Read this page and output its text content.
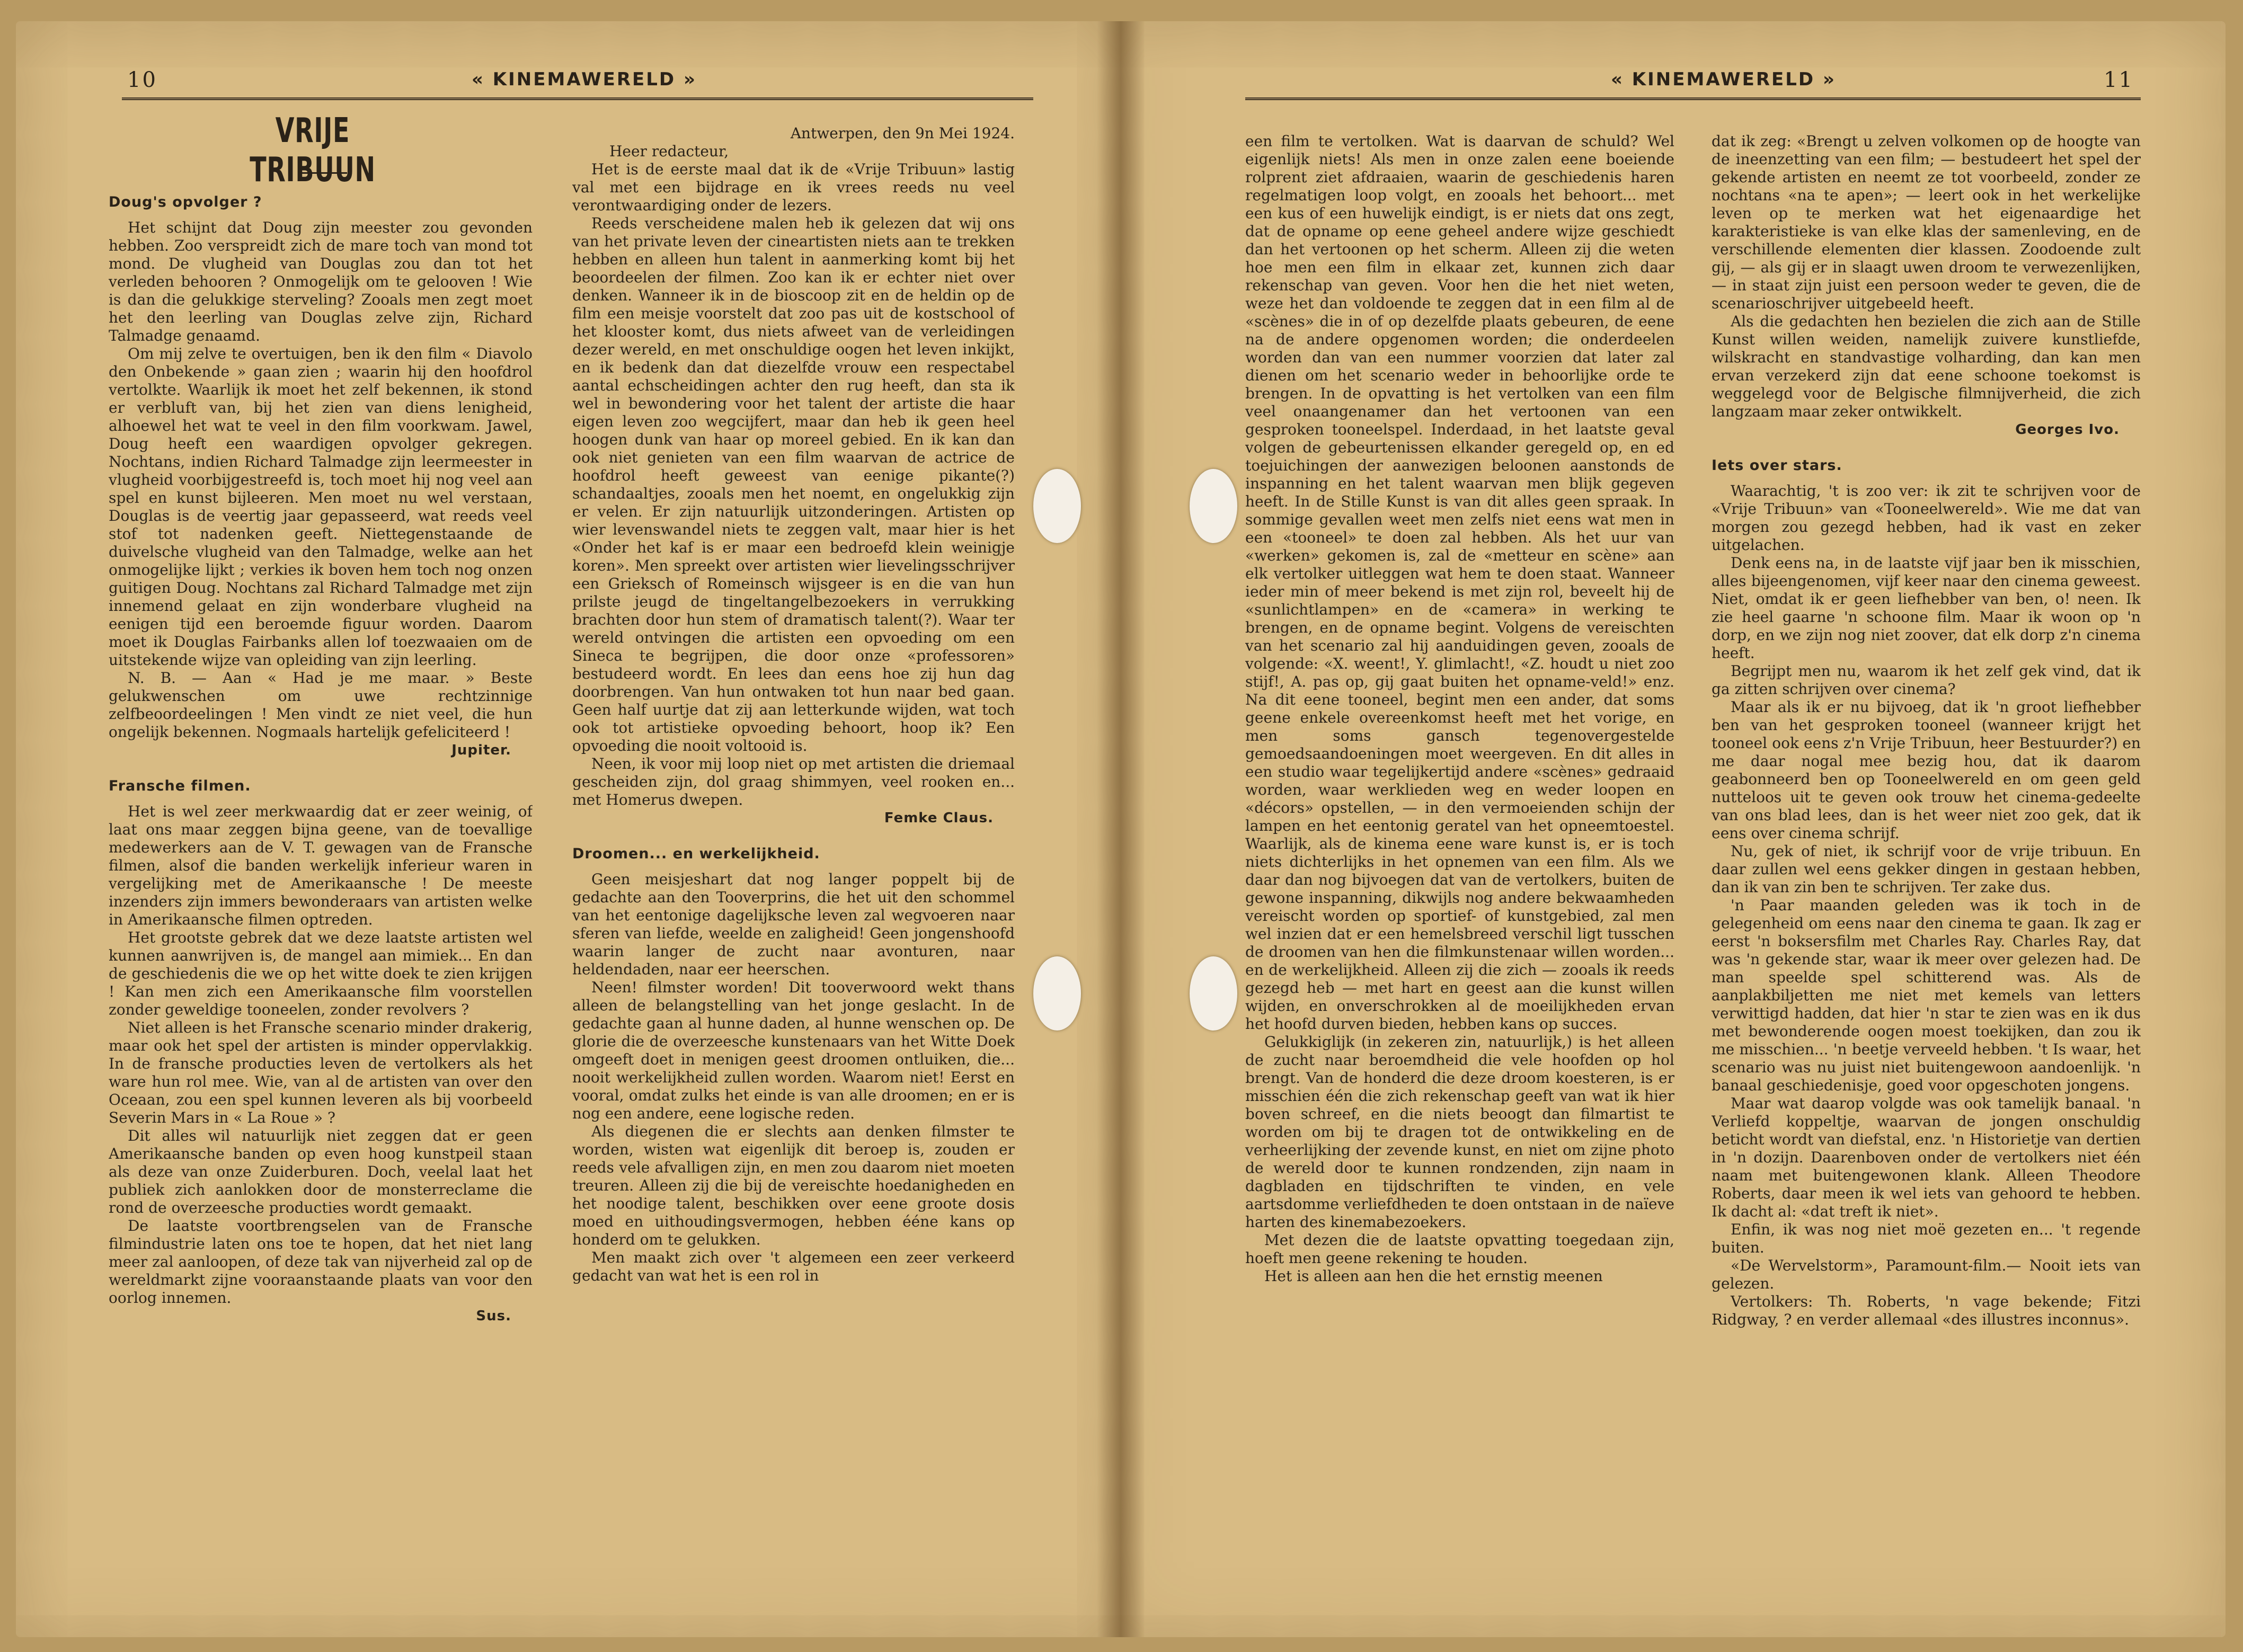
10	« KINEMAWERELD »	« KINEMAWERELD »	11
VRIJE TRIBUUN
Doug's opvolger ?

Het schijnt dat Doug zijn meester zou gevonden hebben. Zoo verspreidt zich de mare toch van mond tot mond. De vlugheid van Douglas zou dan tot het verleden behooren ? Onmogelijk om te gelooven ! Wie is dan die gelukkige sterveling? Zooals men zegt moet het den leerling van Douglas zelve zijn, Richard Talmadge genaamd.

Om mij zelve te overtuigen, ben ik den film « Diavolo den Onbekende » gaan zien ; waarin hij den hoofdrol vertolkte. Waarlijk ik moet het zelf bekennen, ik stond er verbluft van, bij het zien van diens lenigheid, alhoewel het wat te veel in den film voorkwam. Jawel, Doug heeft een waardigen opvolger gekregen. Nochtans, indien Richard Talmadge zijn leermeester in vlugheid voorbijgestreefd is, toch moet hij nog veel aan spel en kunst bijleeren. Men moet nu wel verstaan, Douglas is de veertig jaar gepasseerd, wat reeds veel stof tot nadenken geeft. Niettegenstaande de duivelsche vlugheid van den Talmadge, welke aan het onmogelijke lijkt ; verkies ik boven hem toch nog onzen guitigen Doug. Nochtans zal Richard Talmadge met zijn innemend gelaat en zijn wonderbare vlugheid na eenigen tijd een beroemde figuur worden. Daarom moet ik Douglas Fairbanks allen lof toezwaaien om de uitstekende wijze van opleiding van zijn leerling.

N. B. — Aan « Had je me maar. » Beste gelukwenschen om uwe rechtzinnige zelfbeoordeelingen ! Men vindt ze niet veel, die hun ongelijk bekennen. Nogmaals hartelijk gefeliciteerd !

Jupiter.
Fransche filmen.

Het is wel zeer merkwaardig dat er zeer weinig, of laat ons maar zeggen bijna geene, van de toevallige medewerkers aan de V. T. gewagen van de Fransche filmen, alsof die banden werkelijk inferieur waren in vergelijking met de Amerikaansche ! De meeste inzenders zijn immers bewonderaars van artisten welke in Amerikaansche filmen optreden.

Het grootste gebrek dat we deze laatste artisten wel kunnen aanwrijven is, de mangel aan mimiek... En dan de geschiedenis die we op het witte doek te zien krijgen ! Kan men zich een Amerikaansche film voorstellen zonder geweldige tooneelen, zonder revolvers ?

Niet alleen is het Fransche scenario minder drakerig, maar ook het spel der artisten is minder oppervlakkig. In de fransche producties leven de vertolkers als het ware hun rol mee. Wie, van al de artisten van over den Oceaan, zou een spel kunnen leveren als bij voorbeeld Severin Mars in « La Roue » ?

Dit alles wil natuurlijk niet zeggen dat er geen Amerikaansche banden op even hoog kunstpeil staan als deze van onze Zuiderburen. Doch, veelal laat het publiek zich aanlokken door de monsterreclame die rond de overzeesche producties wordt gemaakt.

De laatste voortbrengselen van de Fransche filmindustrie laten ons toe te hopen, dat het niet lang meer zal aanloopen, of deze tak van nijverheid zal op de wereldmarkt zijne vooraanstaande plaats van voor den oorlog innemen.

Sus.

Antwerpen, den 9n Mei 1924.

Heer redacteur,

Het is de eerste maal dat ik de «Vrije Tribuun» lastig val met een bijdrage en ik vrees reeds nu veel verontwaardiging onder de lezers.

Reeds verscheidene malen heb ik gelezen dat wij ons van het private leven der cineartisten niets aan te trekken hebben en alleen hun talent in aanmerking komt bij het beoordeelen der filmen. Zoo kan ik er echter niet over denken. Wanneer ik in de bioscoop zit en de heldin op de film een meisje voorstelt dat zoo pas uit de kostschool of het klooster komt, dus niets afweet van de verleidingen dezer wereld, en met onschuldige oogen het leven inkijkt, en ik bedenk dan dat diezelfde vrouw een respectabel aantal echscheidingen achter den rug heeft, dan sta ik wel in bewondering voor het talent der artiste die haar eigen leven zoo wegcijfert, maar dan heb ik geen heel hoogen dunk van haar op moreel gebied. En ik kan dan ook niet genieten van een film waarvan de actrice de hoofdrol heeft geweest van eenige pikante(?) schandaaltjes, zooals men het noemt, en ongelukkig zijn er velen. Er zijn natuurlijk uitzonderingen. Artisten op wier levenswandel niets te zeggen valt, maar hier is het «Onder het kaf is er maar een bedroefd klein weinigje koren». Men spreekt over artisten wier lievelingsschrijver een Grieksch of Romeinsch wijsgeer is en die van hun prilste jeugd de tingeltangelbezoekers in verrukking brachten door hun stem of dramatisch talent(?). Waar ter wereld ontvingen die artisten een opvoeding om een Sineca te begrijpen, die door onze «professoren» bestudeerd wordt. En lees dan eens hoe zij hun dag doorbrengen. Van hun ontwaken tot hun naar bed gaan. Geen half uurtje dat zij aan letterkunde wijden, wat toch ook tot artistieke opvoeding behoort, hoop ik? Een opvoeding die nooit voltooid is.

Neen, ik voor mij loop niet op met artisten die driemaal gescheiden zijn, dol graag shimmyen, veel rooken en... met Homerus dwepen.

Femke Claus.
Droomen... en werkelijkheid.

Geen meisjeshart dat nog langer poppelt bij de gedachte aan den Tooverprins, die het uit den schommel van het eentonige dagelijksche leven zal wegvoeren naar sferen van liefde, weelde en zaligheid! Geen jongenshoofd waarin langer de zucht naar avonturen, naar heldendaden, naar eer heerschen.

Neen! filmster worden! Dit tooverwoord wekt thans alleen de belangstelling van het jonge geslacht. In de gedachte gaan al hunne daden, al hunne wenschen op. De glorie die de overzeesche kunstenaars van het Witte Doek omgeeft doet in menigen geest droomen ontluiken, die... nooit werkelijkheid zullen worden. Waarom niet! Eerst en vooral, omdat zulks het einde is van alle droomen; en er is nog een andere, eene logische reden.

Als diegenen die er slechts aan denken filmster te worden, wisten wat eigenlijk dit beroep is, zouden er reeds vele afvalligen zijn, en men zou daarom niet moeten treuren. Alleen zij die bij de vereischte hoedanigheden en het noodige talent, beschikken over eene groote dosis moed en uithoudingsvermogen, hebben ééne kans op honderd om te gelukken.

Men maakt zich over 't algemeen een zeer verkeerd gedacht van wat het is een rol in

een film te vertolken. Wat is daarvan de schuld? Wel eigenlijk niets! Als men in onze zalen eene boeiende rolprent ziet afdraaien, waarin de geschiedenis haren regelmatigen loop volgt, en zooals het behoort... met een kus of een huwelijk eindigt, is er niets dat ons zegt, dat de opname op eene geheel andere wijze geschiedt dan het vertoonen op het scherm. Alleen zij die weten hoe men een film in elkaar zet, kunnen zich daar rekenschap van geven. Voor hen die het niet weten, weze het dan voldoende te zeggen dat in een film al de «scènes» die in of op dezelfde plaats gebeuren, de eene na de andere opgenomen worden; die onderdeelen worden dan van een nummer voorzien dat later zal dienen om het scenario weder in behoorlijke orde te brengen. In de opvatting is het vertolken van een film veel onaangenamer dan het vertoonen van een gesproken tooneelspel. Inderdaad, in het laatste geval volgen de gebeurtenissen elkander geregeld op, en ed toejuichingen der aanwezigen beloonen aanstonds de inspanning en het talent waarvan men blijk gegeven heeft. In de Stille Kunst is van dit alles geen spraak. In sommige gevallen weet men zelfs niet eens wat men in een «tooneel» te doen zal hebben. Als het uur van «werken» gekomen is, zal de «metteur en scène» aan elk vertolker uitleggen wat hem te doen staat. Wanneer ieder min of meer bekend is met zijn rol, beveelt hij de «sunlichtlampen» en de «camera» in werking te brengen, en de opname begint. Volgens de vereischten van het scenario zal hij aanduidingen geven, zooals de volgende: «X. weent!, Y. glimlacht!, «Z. houdt u niet zoo stijf!, A. pas op, gij gaat buiten het opname-veld!» enz. Na dit eene tooneel, begint men een ander, dat soms geene enkele overeenkomst heeft met het vorige, en men soms gansch tegenovergestelde gemoedsaandoeningen moet weergeven. En dit alles in een studio waar tegelijkertijd andere «scènes» gedraaid worden, waar werklieden weg en weder loopen en «décors» opstellen, — in den vermoeienden schijn der lampen en het eentonig geratel van het opneemtoestel. Waarlijk, als de kinema eene ware kunst is, er is toch niets dichterlijks in het opnemen van een film. Als we daar dan nog bijvoegen dat van de vertolkers, buiten de gewone inspanning, dikwijls nog andere bekwaamheden vereischt worden op sportief- of kunstgebied, zal men wel inzien dat er een hemelsbreed verschil ligt tusschen de droomen van hen die filmkunstenaar willen worden... en de werkelijkheid. Alleen zij die zich — zooals ik reeds gezegd heb — met hart en geest aan die kunst willen wijden, en onverschrokken al de moeilijkheden ervan het hoofd durven bieden, hebben kans op succes.

Gelukkiglijk (in zekeren zin, natuurlijk,) is het alleen de zucht naar beroemdheid die vele hoofden op hol brengt. Van de honderd die deze droom koesteren, is er misschien één die zich rekenschap geeft van wat ik hier boven schreef, en die niets beoogt dan filmartist te worden om bij te dragen tot de ontwikkeling en de verheerlijking der zevende kunst, en niet om zijne photo de wereld door te kunnen rondzenden, zijn naam in dagbladen en tijdschriften te vinden, en vele aartsdomme verliefdheden te doen ontstaan in de naïeve harten des kinemabezoekers.

Met dezen die de laatste opvatting toegedaan zijn, hoeft men geene rekening te houden.

Het is alleen aan hen die het ernstig meenen

dat ik zeg: «Brengt u zelven volkomen op de hoogte van de ineenzetting van een film; — bestudeert het spel der gekende artisten en neemt ze tot voorbeeld, zonder ze nochtans «na te apen»; — leert ook in het werkelijke leven op te merken wat het eigenaardige het karakteristieke is van elke klas der samenleving, en de verschillende elementen dier klassen. Zoodoende zult gij, — als gij er in slaagt uwen droom te verwezenlijken, — in staat zijn juist een persoon weder te geven, die de scenarioschrijver uitgebeeld heeft.

Als die gedachten hen bezielen die zich aan de Stille Kunst willen weiden, namelijk zuivere kunstliefde, wilskracht en standvastige volharding, dan kan men ervan verzekerd zijn dat eene schoone toekomst is weggelegd voor de Belgische filmnijverheid, die zich langzaam maar zeker ontwikkelt.

Georges Ivo.
Iets over stars.

Waarachtig, 't is zoo ver: ik zit te schrijven voor de «Vrije Tribuun» van «Tooneelwereld». Wie me dat van morgen zou gezegd hebben, had ik vast en zeker uitgelachen.

Denk eens na, in de laatste vijf jaar ben ik misschien, alles bijeengenomen, vijf keer naar den cinema geweest. Niet, omdat ik er geen liefhebber van ben, o! neen. Ik zie heel gaarne 'n schoone film. Maar ik woon op 'n dorp, en we zijn nog niet zoover, dat elk dorp z'n cinema heeft.

Begrijpt men nu, waarom ik het zelf gek vind, dat ik ga zitten schrijven over cinema?

Maar als ik er nu bijvoeg, dat ik 'n groot liefhebber ben van het gesproken tooneel (wanneer krijgt het tooneel ook eens z'n Vrije Tribuun, heer Bestuurder?) en me daar nogal mee bezig hou, dat ik daarom geabonneerd ben op Tooneelwereld en om geen geld nutteloos uit te geven ook trouw het cinema-gedeelte van ons blad lees, dan is het weer niet zoo gek, dat ik eens over cinema schrijf.

Nu, gek of niet, ik schrijf voor de vrije tribuun. En daar zullen wel eens gekker dingen in gestaan hebben, dan ik van zin ben te schrijven. Ter zake dus.

'n Paar maanden geleden was ik toch in de gelegenheid om eens naar den cinema te gaan. Ik zag er eerst 'n boksersfilm met Charles Ray. Charles Ray, dat was 'n gekende star, waar ik meer over gelezen had. De man speelde spel schitterend was. Als de aanplakbiljetten me niet met kemels van letters verwittigd hadden, dat hier 'n star te zien was en ik dus met bewonderende oogen moest toekijken, dan zou ik me misschien... 'n beetje verveeld hebben. 't Is waar, het scenario was nu juist niet buitengewoon aandoenlijk. 'n banaal geschiedenisje, goed voor opgeschoten jongens.

Maar wat daarop volgde was ook tamelijk banaal. 'n Verliefd koppeltje, waarvan de jongen onschuldig beticht wordt van diefstal, enz. 'n Historietje van dertien in 'n dozijn. Daarenboven onder de vertolkers niet één naam met buitengewonen klank. Alleen Theodore Roberts, daar meen ik wel iets van gehoord te hebben. Ik dacht al: «dat treft ik niet».

Enfin, ik was nog niet moë gezeten en... 't regende buiten.

«De Wervelstorm», Paramount-film.— Nooit iets van gelezen.

Vertolkers: Th. Roberts, 'n vage bekende; Fitzi Ridgway, ? en verder allemaal «des illustres inconnus».
